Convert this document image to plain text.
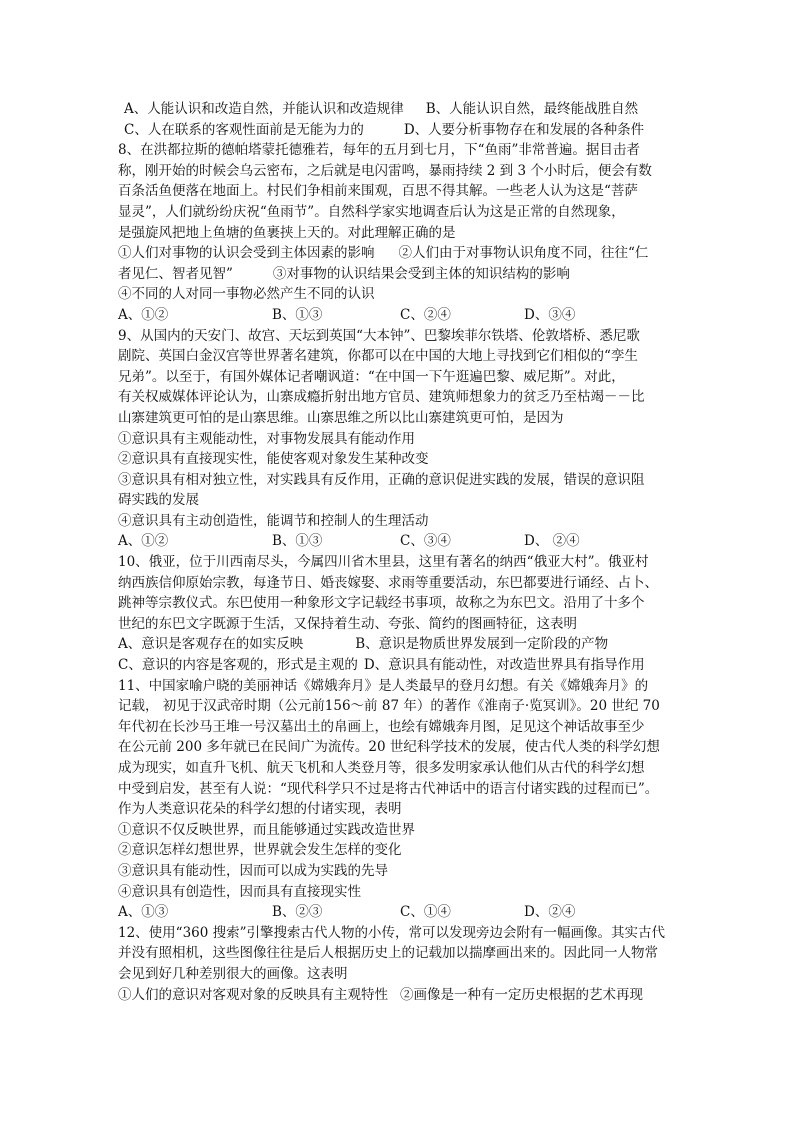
A、人能认识和改造自然，并能认识和改造规律 B、人能认识自然，最终能战胜自然
C、人在联系的客观性面前是无能为力的	D、人要分析事物存在和发展的各种条件
8、在洪都拉斯的德帕塔蒙托德雅若，每年的五月到七月，下“鱼雨”非常普遍。据目击者
称，刚开始的时候会乌云密布，之后就是电闪雷鸣，暴雨持续 2 到 3 个小时后，便会有数
百条活鱼便落在地面上。村民们争相前来围观，百思不得其解。一些老人认为这是“菩萨
显灵”，人们就纷纷庆祝“鱼雨节”。自然科学家实地调查后认为这是正常的自然现象，
是强旋风把地上鱼塘的鱼裹挟上天的。对此理解正确的是
①人们对事物的认识会受到主体因素的影响 ②人们由于对事物认识角度不同，往往“仁
者见仁、智者见智”	③对事物的认识结果会受到主体的知识结构的影响
④不同的人对同一事物必然产生不同的认识
A、①②	B、①③	C、②④	D、③④
9、从国内的天安门、故宫、天坛到英国“大本钟”、巴黎埃菲尔铁塔、伦敦塔桥、悉尼歌
剧院、英国白金汉宫等世界著名建筑，你都可以在中国的大地上寻找到它们相似的“孪生
兄弟”。以至于，有国外媒体记者嘲讽道：“在中国一下午逛遍巴黎、威尼斯”。对此，
有关权威媒体评论认为，山寨成瘾折射出地方官员、建筑师想象力的贫乏乃至枯竭－－比
山寨建筑更可怕的是山寨思维。山寨思维之所以比山寨建筑更可怕，是因为
①意识具有主观能动性，对事物发展具有能动作用
②意识具有直接现实性，能使客观对象发生某种改变
③意识具有相对独立性，对实践具有反作用，正确的意识促进实践的发展，错误的意识阻
碍实践的发展
④意识具有主动创造性，能调节和控制人的生理活动
A、①②	B、①③	C、③④	D、 ②④
10、俄亚，位于川西南尽头，今属四川省木里县，这里有著名的纳西“俄亚大村”。俄亚村
纳西族信仰原始宗教，每逢节日、婚丧嫁娶、求雨等重要活动，东巴都要进行诵经、占卜、
跳神等宗教仪式。东巴使用一种象形文字记载经书事项，故称之为东巴文。沿用了十多个
世纪的东巴文字既源于生活，又保持着生动、夸张、简约的图画特征，这表明
A、意识是客观存在的如实反映	B、意识是物质世界发展到一定阶段的产物
C、意识的内容是客观的，形式是主观的 D、意识具有能动性，对改造世界具有指导作用
11、中国家喻户晓的美丽神话《嫦娥奔月》是人类最早的登月幻想。有关《嫦娥奔月》的
记载， 初见于汉武帝时期（公元前156～前 87 年）的著作《淮南子·览冥训》。20 世纪 70
年代初在长沙马王堆一号汉墓出土的帛画上，也绘有嫦娥奔月图，足见这个神话故事至少
在公元前 200 多年就已在民间广为流传。20 世纪科学技术的发展，使古代人类的科学幻想
成为现实，如直升飞机、航天飞机和人类登月等，很多发明家承认他们从古代的科学幻想
中受到启发，甚至有人说：“现代科学只不过是将古代神话中的语言付诸实践的过程而已”。
作为人类意识花朵的科学幻想的付诸实现，表明
①意识不仅反映世界，而且能够通过实践改造世界
②意识怎样幻想世界，世界就会发生怎样的变化
③意识具有能动性，因而可以成为实践的先导
④意识具有创造性，因而具有直接现实性
A、①③	B、②③	C、①④	D、②④
12、使用“360 搜索”引擎搜索古代人物的小传，常可以发现旁边会附有一幅画像。其实古代
并没有照相机，这些图像往往是后人根据历史上的记载加以揣摩画出来的。因此同一人物常
会见到好几种差别很大的画像。这表明
①人们的意识对客观对象的反映具有主观特性 ②画像是一种有一定历史根据的艺术再现
